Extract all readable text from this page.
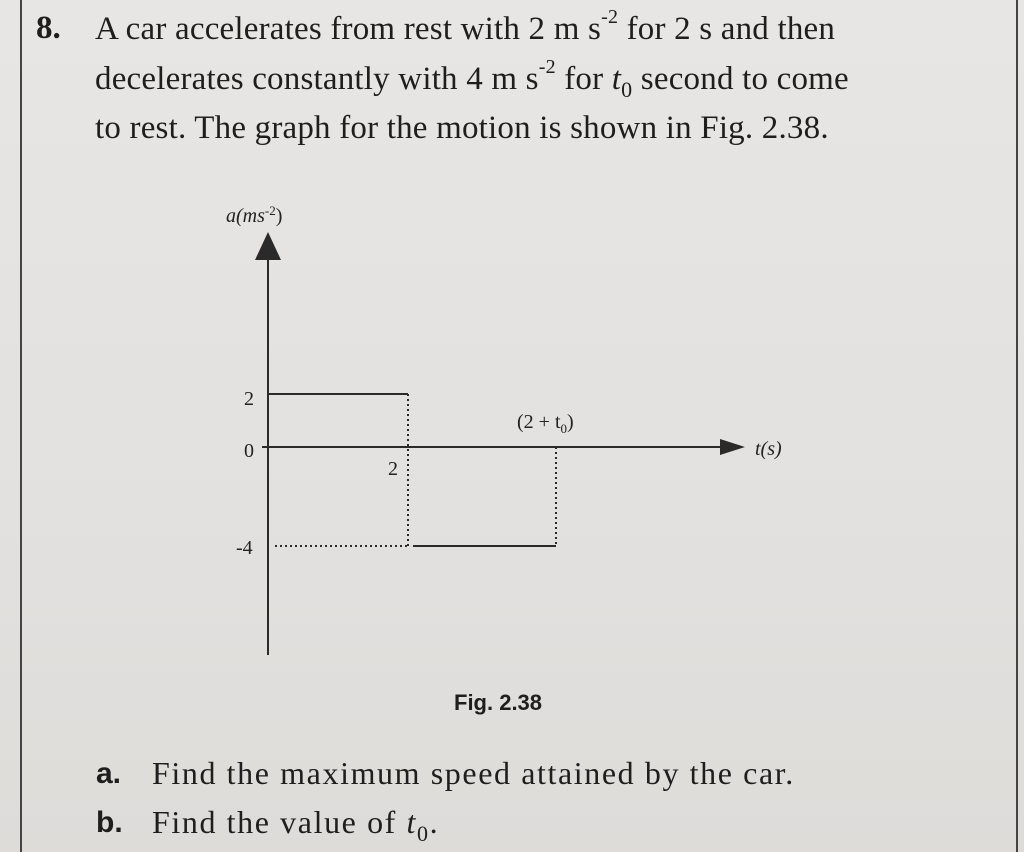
8. A car accelerates from rest with 2 m $s^{-2}$ for 2 s and then
decelerates constantly with 4 m $s^{-2}$ for $t_0$ second to come
to rest. The graph for the motion is shown in Fig. 2.38.
$a(ms^{-2})$
2
0
-4
2
$(2 + t_0)$
t(s)
Fig. 2.38
a. Find the maximum speed attained by the car.
b. Find the value of $t_0$.
